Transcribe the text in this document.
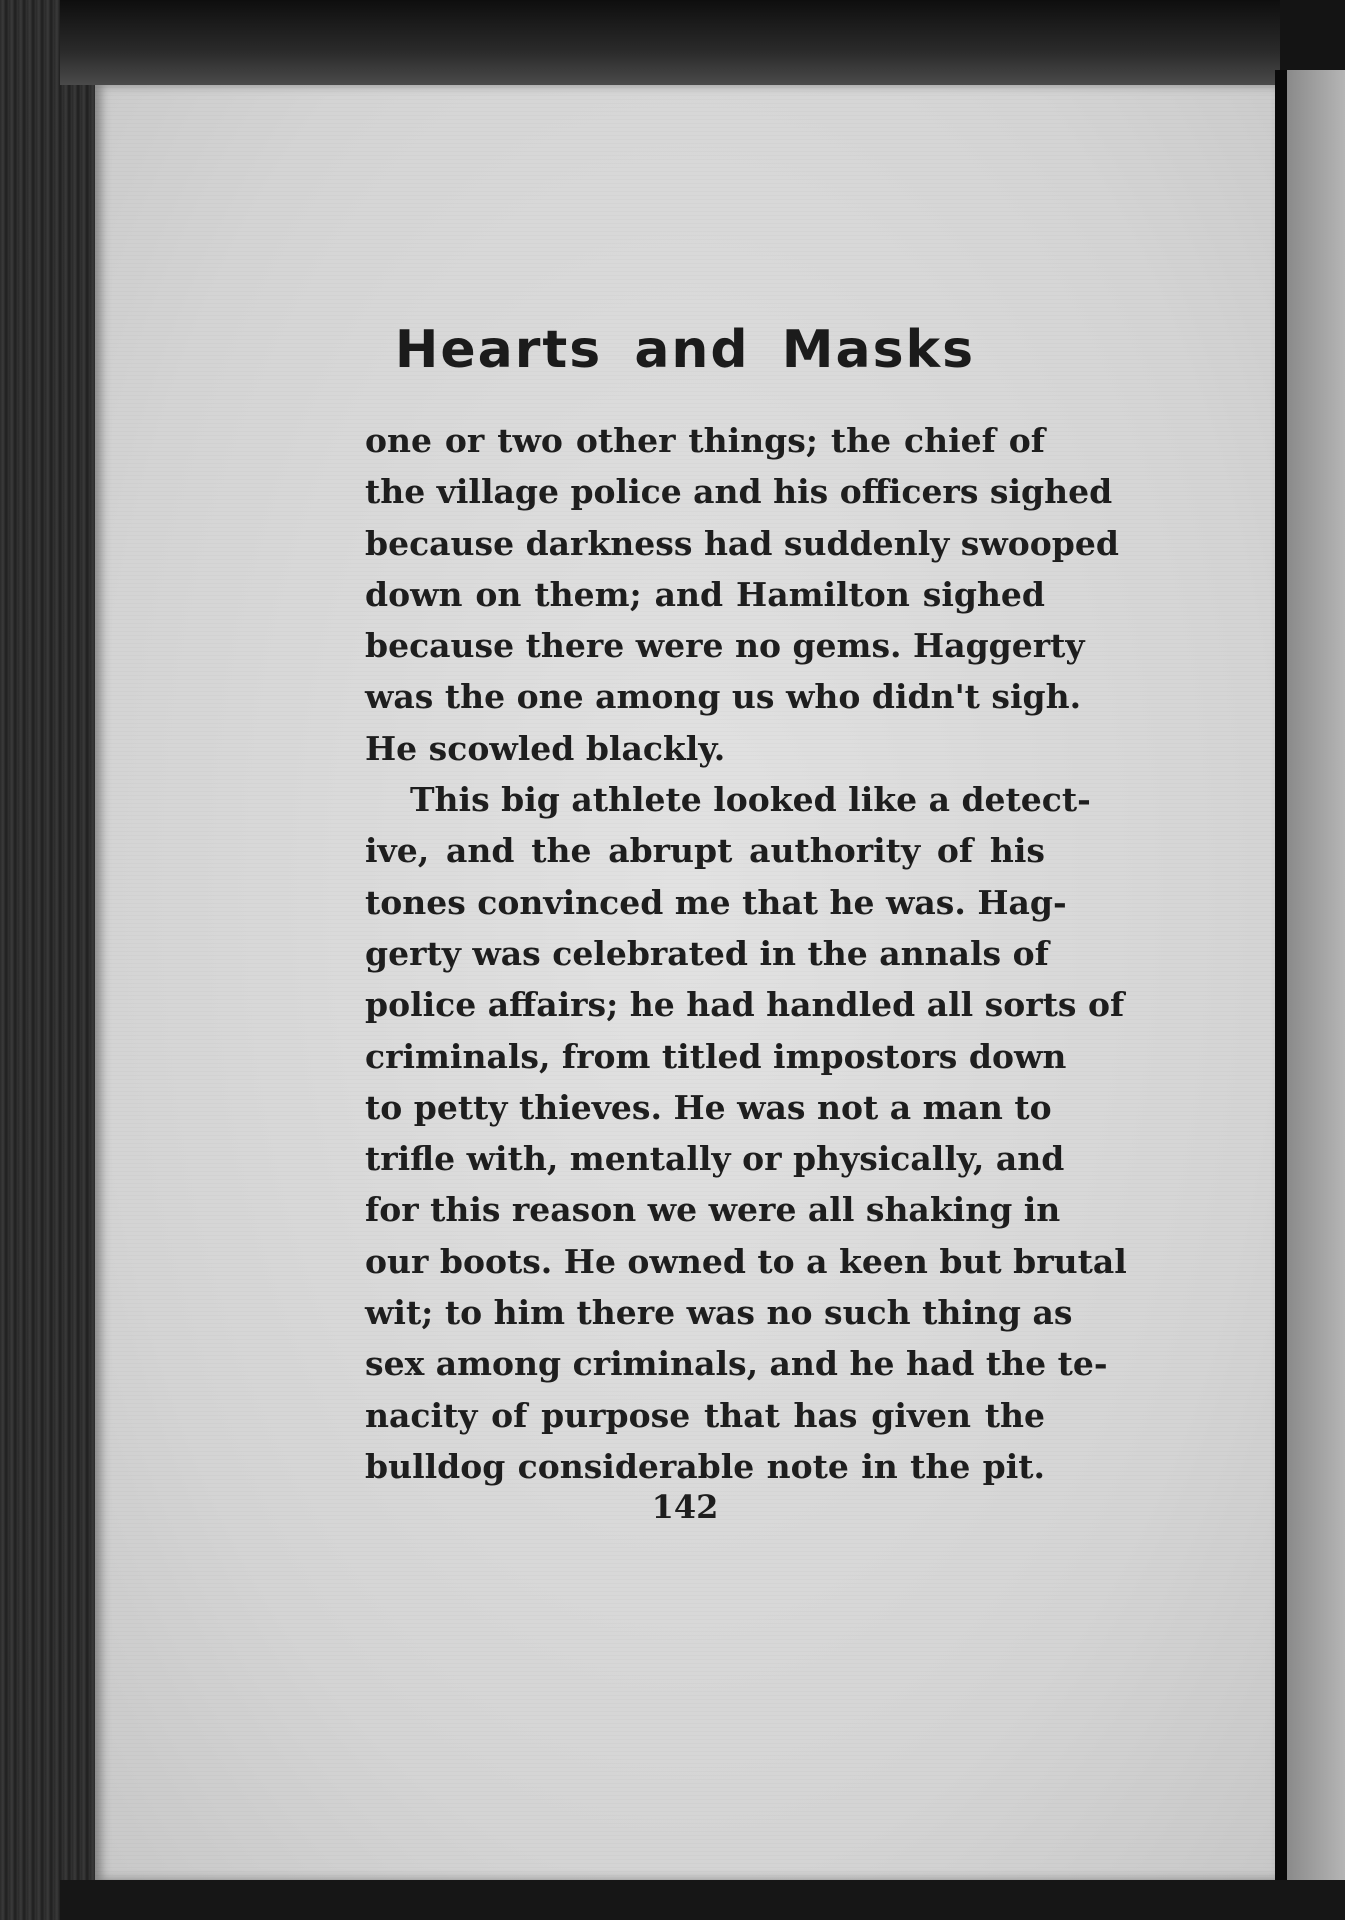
Hearts and Masks
one or two other things; the chief of
the village police and his officers sighed
because darkness had suddenly swooped
down on them; and Hamilton sighed
because there were no gems. Haggerty
was the one among us who didn't sigh.
He scowled blackly.
This big athlete looked like a detect-
ive, and the abrupt authority of his
tones convinced me that he was. Hag-
gerty was celebrated in the annals of
police affairs; he had handled all sorts of
criminals, from titled impostors down
to petty thieves. He was not a man to
trifle with, mentally or physically, and
for this reason we were all shaking in
our boots. He owned to a keen but brutal
wit; to him there was no such thing as
sex among criminals, and he had the te-
nacity of purpose that has given the
bulldog considerable note in the pit.
142
